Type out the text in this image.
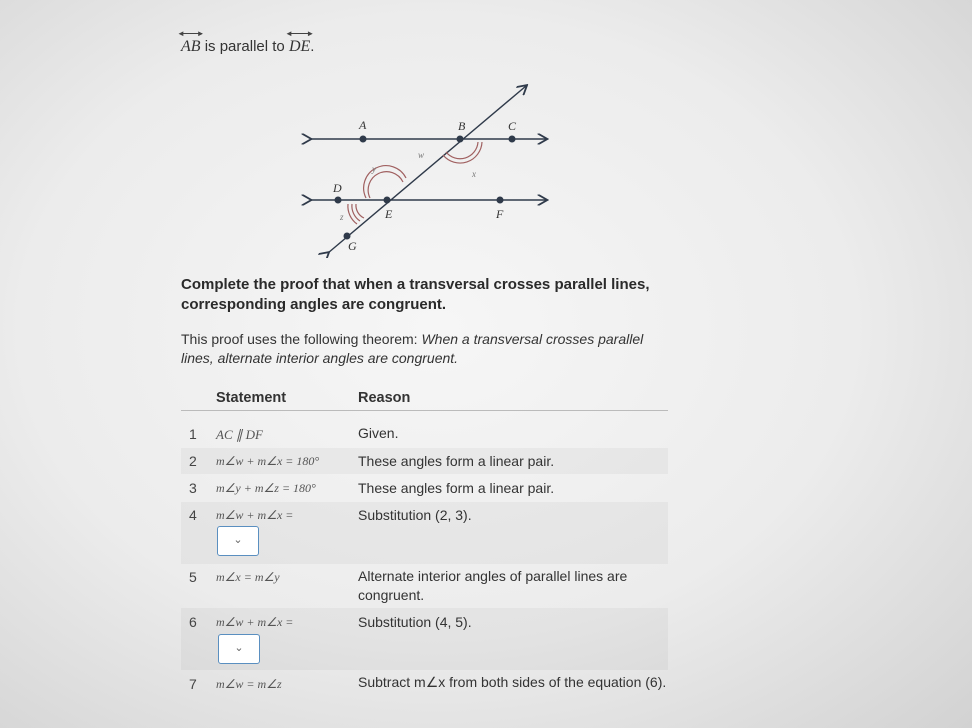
◄
AB
►
is parallel to
◄
DE
►
.
A	B	C
D
E	F
G
w
x
y
z
Complete the proof that when a transversal crosses parallel lines, corresponding angles are congruent.
This proof uses the following theorem: When a transversal crosses parallel lines, alternate interior angles are congruent.
Statement	Reason
1 AC ∥ DF	Given.
2 m∠w + m∠x = 180°	These angles form a linear pair.
3 m∠y + m∠z = 180°	These angles form a linear pair.
4 m∠w + m∠x =	Substitution (2, 3).
⌄
5 m∠x = m∠y	Alternate interior angles of parallel lines are congruent.
6 m∠w + m∠x =	Substitution (4, 5).
⌄
7 m∠w = m∠z	Subtract m∠x from both sides of the equation (6).
